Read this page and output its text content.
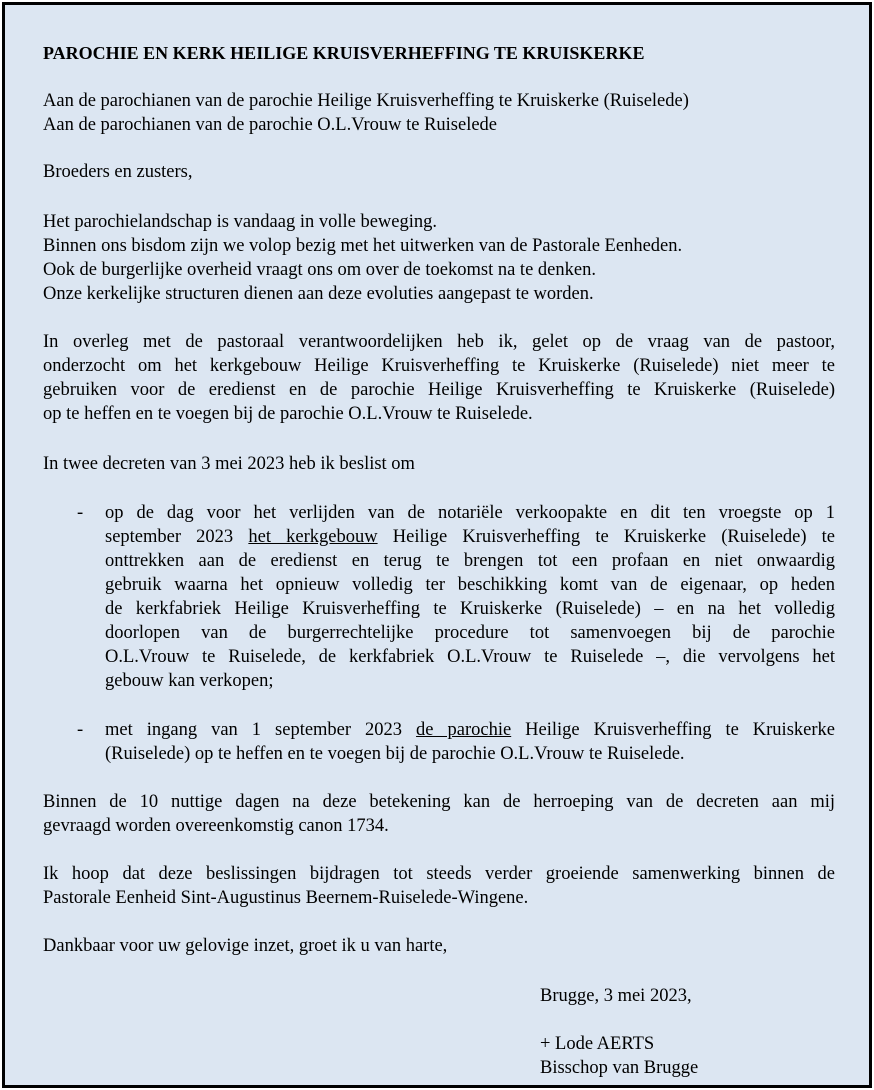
PAROCHIE EN KERK HEILIGE KRUISVERHEFFING TE KRUISKERKE
Aan de parochianen van de parochie Heilige Kruisverheffing te Kruiskerke (Ruiselede)
Aan de parochianen van de parochie O.L.Vrouw te Ruiselede
Broeders en zusters,
Het parochielandschap is vandaag in volle beweging.
Binnen ons bisdom zijn we volop bezig met het uitwerken van de Pastorale Eenheden.
Ook de burgerlijke overheid vraagt ons om over de toekomst na te denken.
Onze kerkelijke structuren dienen aan deze evoluties aangepast te worden.
In overleg met de pastoraal verantwoordelijken heb ik, gelet op de vraag van de pastoor,
onderzocht om het kerkgebouw Heilige Kruisverheffing te Kruiskerke (Ruiselede) niet meer te
gebruiken voor de eredienst en de parochie Heilige Kruisverheffing te Kruiskerke (Ruiselede)
op te heffen en te voegen bij de parochie O.L.Vrouw te Ruiselede.
In twee decreten van 3 mei 2023 heb ik beslist om
- op de dag voor het verlijden van de notariële verkoopakte en dit ten vroegste op 1
september 2023 het kerkgebouw Heilige Kruisverheffing te Kruiskerke (Ruiselede) te
onttrekken aan de eredienst en terug te brengen tot een profaan en niet onwaardig
gebruik waarna het opnieuw volledig ter beschikking komt van de eigenaar, op heden
de kerkfabriek Heilige Kruisverheffing te Kruiskerke (Ruiselede) – en na het volledig
doorlopen van de burgerrechtelijke procedure tot samenvoegen bij de parochie
O.L.Vrouw te Ruiselede, de kerkfabriek O.L.Vrouw te Ruiselede –, die vervolgens het
gebouw kan verkopen;
- met ingang van 1 september 2023 de parochie Heilige Kruisverheffing te Kruiskerke
(Ruiselede) op te heffen en te voegen bij de parochie O.L.Vrouw te Ruiselede.
Binnen de 10 nuttige dagen na deze betekening kan de herroeping van de decreten aan mij
gevraagd worden overeenkomstig canon 1734.
Ik hoop dat deze beslissingen bijdragen tot steeds verder groeiende samenwerking binnen de
Pastorale Eenheid Sint-Augustinus Beernem-Ruiselede-Wingene.
Dankbaar voor uw gelovige inzet, groet ik u van harte,
Brugge, 3 mei 2023,
+ Lode AERTS
Bisschop van Brugge
